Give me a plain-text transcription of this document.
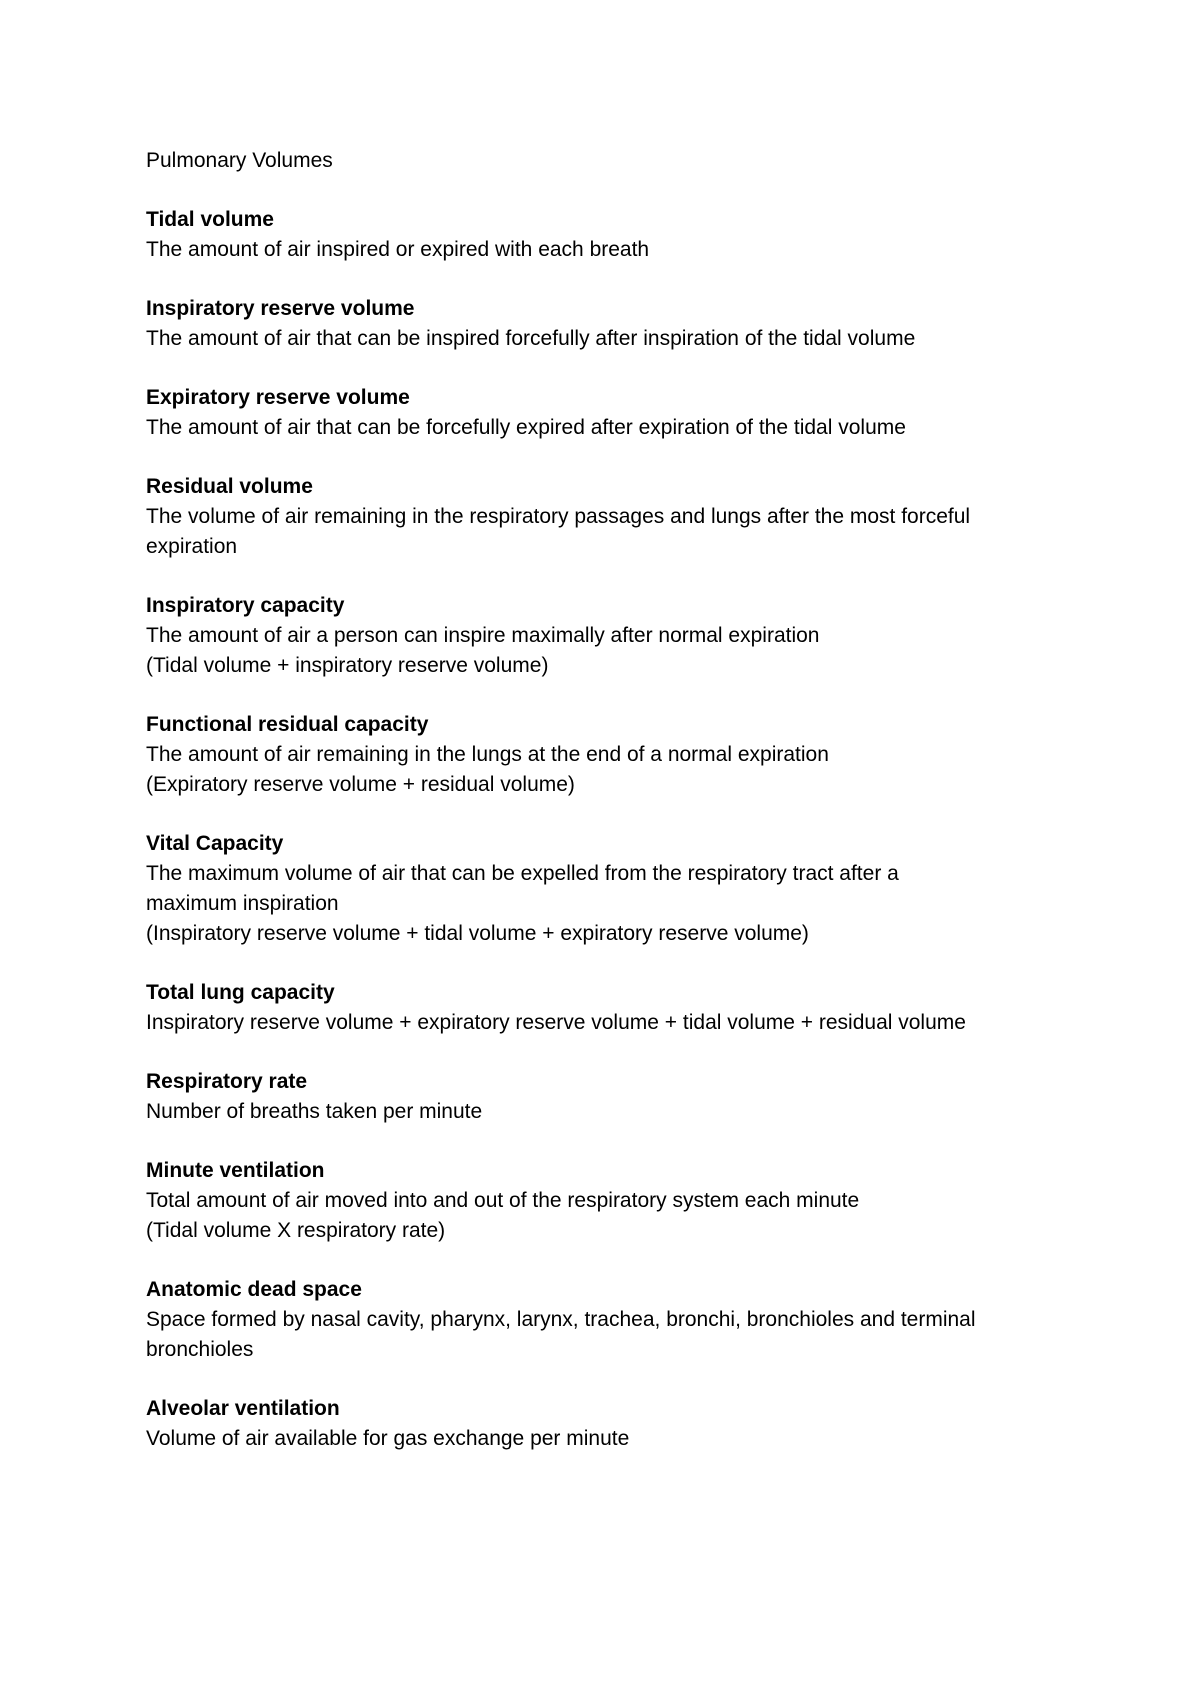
Pulmonary Volumes

Tidal volume

The amount of air inspired or expired with each breath

Inspiratory reserve volume

The amount of air that can be inspired forcefully after inspiration of the tidal volume

Expiratory reserve volume

The amount of air that can be forcefully expired after expiration of the tidal volume

Residual volume

The volume of air remaining in the respiratory passages and lungs after the most forceful

expiration

Inspiratory capacity

The amount of air a person can inspire maximally after normal expiration

(Tidal volume + inspiratory reserve volume)

Functional residual capacity

The amount of air remaining in the lungs at the end of a normal expiration

(Expiratory reserve volume + residual volume)

Vital Capacity

The maximum volume of air that can be expelled from the respiratory tract after a

maximum inspiration

(Inspiratory reserve volume + tidal volume + expiratory reserve volume)

Total lung capacity

Inspiratory reserve volume + expiratory reserve volume + tidal volume + residual volume

Respiratory rate

Number of breaths taken per minute

Minute ventilation

Total amount of air moved into and out of the respiratory system each minute

(Tidal volume X respiratory rate)

Anatomic dead space

Space formed by nasal cavity, pharynx, larynx, trachea, bronchi, bronchioles and terminal

bronchioles

Alveolar ventilation

Volume of air available for gas exchange per minute
